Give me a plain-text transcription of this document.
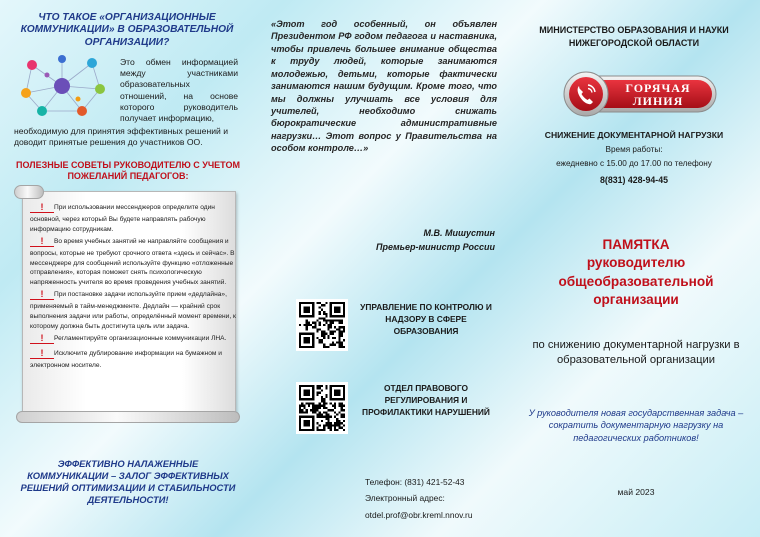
ЧТО ТАКОЕ «ОРГАНИЗАЦИОННЫЕ КОММУНИКАЦИИ» В ОБРАЗОВАТЕЛЬНОЙ ОРГАНИЗАЦИИ?

Это обмен информацией между участниками образовательных отношений, на основе которого руководитель получает информацию,

необходимую для принятия эффективных решений и доводит принятые решения до участников ОО.

ПОЛЕЗНЫЕ СОВЕТЫ РУКОВОДИТЕЛЮ С УЧЕТОМ ПОЖЕЛАНИЙ ПЕДАГОГОВ:
! При использовании мессенджеров определите один основной, через который Вы будете направлять рабочую информацию сотрудникам.
! Во время учебных занятий не направляйте сообщения и вопросы, которые не требуют срочного ответа «здесь и сейчас». В мессенджере для сообщений используйте функцию «отложенные отправления», которая поможет снять психологическую напряженность учителя во время проведения учебных занятий.
! При постановке задачи используйте прием «дедлайна», применяемый в тайм-менеджменте. Дедлайн — крайний срок выполнения задачи или работы, определённый момент времени, к которому должна быть достигнута цель или задача.
! Регламентируйте организационные коммуникации ЛНА.
! Исключите дублирование информации на бумажном и электронном носителе.

ЭФФЕКТИВНО НАЛАЖЕННЫЕ КОММУНИКАЦИИ – ЗАЛОГ ЭФФЕКТИВНЫХ РЕШЕНИЙ ОПТИМИЗАЦИИ И СТАБИЛЬНОСТИ ДЕЯТЕЛЬНОСТИ!

«Этот год особенный, он объявлен Президентом РФ годом педагога и наставника, чтобы привлечь большее внимание общества к труду людей, которые занимаются молодежью, детьми, которые фактически занимаются нашим будущим. Кроме того, что мы должны улучшать все условия для учителей, необходимо снижать бюрократические административные нагрузки… Этот вопрос у Правительства на особом контроле…»

М.В. Мишустин

Премьер-министр России

УПРАВЛЕНИЕ ПО КОНТРОЛЮ И НАДЗОРУ В СФЕРЕ ОБРАЗОВАНИЯ

ОТДЕЛ ПРАВОВОГО РЕГУЛИРОВАНИЯ И ПРОФИЛАКТИКИ НАРУШЕНИЙ

Телефон: (831) 421-52-43
Электронный адрес:
otdel.prof@obr.kreml.nnov.ru

МИНИСТЕРСТВО ОБРАЗОВАНИЯ И НАУКИ НИЖЕГОРОДСКОЙ ОБЛАСТИ

ГОРЯЧАЯ
ЛИНИЯ

СНИЖЕНИЕ ДОКУМЕНТАРНОЙ НАГРУЗКИ

Время работы:

ежедневно с 15.00 до 17.00 по телефону

8(831) 428-94-45

ПАМЯТКА
руководителю общеобразовательной организации

по снижению документарной нагрузки в образовательной организации

У руководителя новая государственная задача – сократить документарную нагрузку на педагогических работников!

май 2023
